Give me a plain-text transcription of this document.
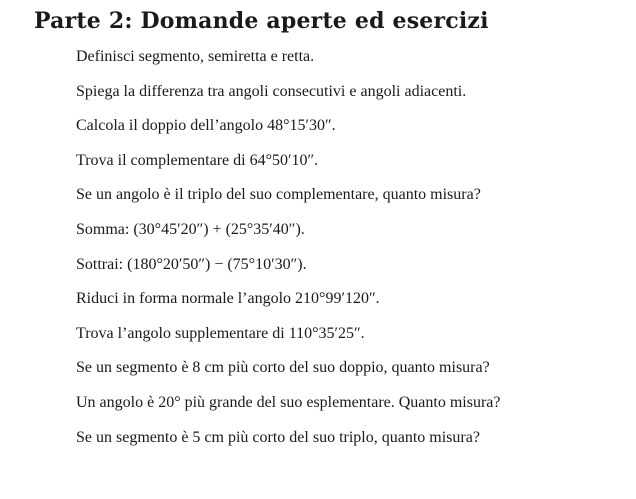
Parte 2: Domande aperte ed esercizi
Definisci segmento, semiretta e retta.
Spiega la differenza tra angoli consecutivi e angoli adiacenti.
Calcola il doppio dell’angolo 48°15′30″.
Trova il complementare di 64°50′10″.
Se un angolo è il triplo del suo complementare, quanto misura?
Somma: (30°45′20″) + (25°35′40″).
Sottrai: (180°20′50″) − (75°10′30″).
Riduci in forma normale l’angolo 210°99′120″.
Trova l’angolo supplementare di 110°35′25″.
Se un segmento è 8 cm più corto del suo doppio, quanto misura?
Un angolo è 20° più grande del suo esplementare. Quanto misura?
Se un segmento è 5 cm più corto del suo triplo, quanto misura?
